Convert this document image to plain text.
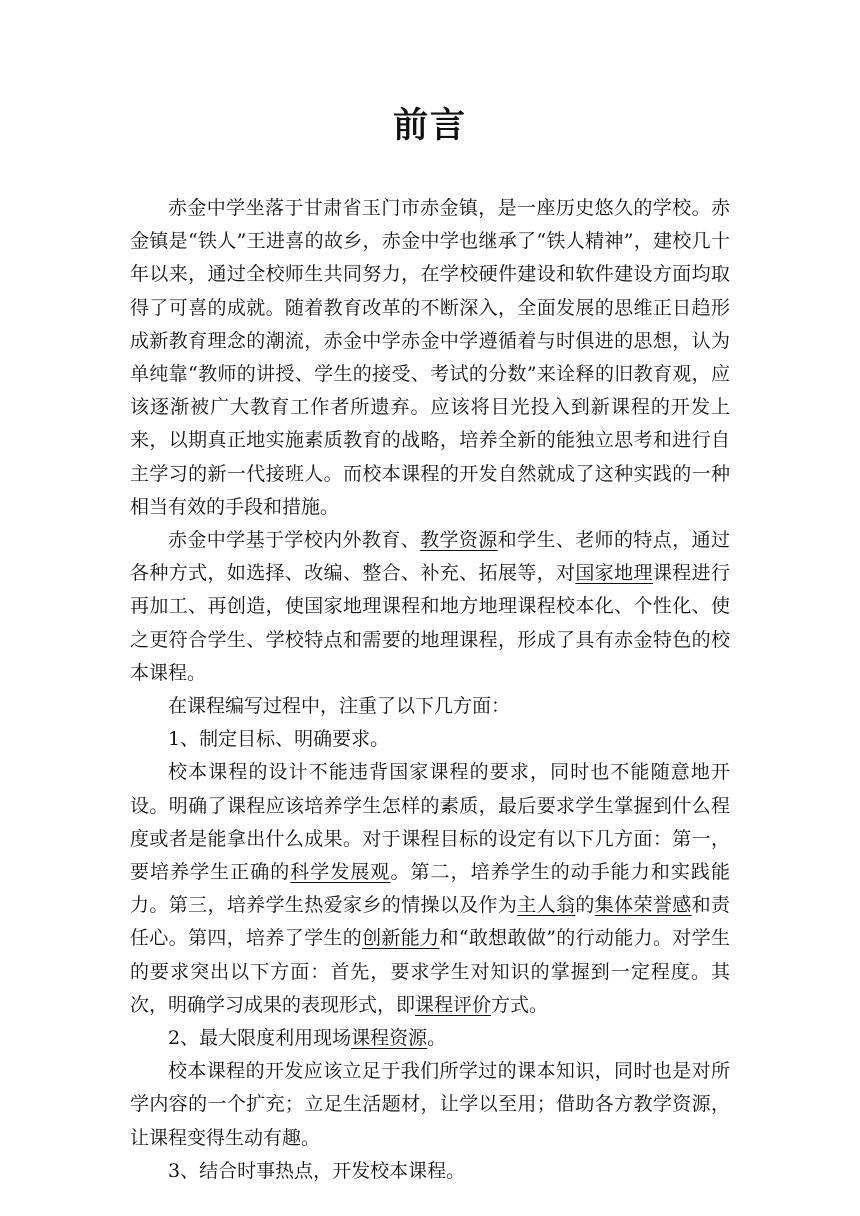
前言

赤金中学坐落于甘肃省玉门市赤金镇，是一座历史悠久的学校。赤金镇是“铁人”王进喜的故乡，赤金中学也继承了“铁人精神”，建校几十年以来，通过全校师生共同努力，在学校硬件建设和软件建设方面均取得了可喜的成就。随着教育改革的不断深入，全面发展的思维正日趋形成新教育理念的潮流，赤金中学赤金中学遵循着与时俱进的思想，认为单纯靠“教师的讲授、学生的接受、考试的分数”来诠释的旧教育观，应该逐渐被广大教育工作者所遗弃。应该将目光投入到新课程的开发上来，以期真正地实施素质教育的战略，培养全新的能独立思考和进行自主学习的新一代接班人。而校本课程的开发自然就成了这种实践的一种相当有效的手段和措施。

赤金中学基于学校内外教育、教学资源和学生、老师的特点，通过各种方式，如选择、改编、整合、补充、拓展等，对国家地理课程进行再加工、再创造，使国家地理课程和地方地理课程校本化、个性化、使之更符合学生、学校特点和需要的地理课程，形成了具有赤金特色的校本课程。

在课程编写过程中，注重了以下几方面：

1、制定目标、明确要求。

校本课程的设计不能违背国家课程的要求，同时也不能随意地开设。明确了课程应该培养学生怎样的素质，最后要求学生掌握到什么程度或者是能拿出什么成果。对于课程目标的设定有以下几方面：第一，要培养学生正确的科学发展观。第二，培养学生的动手能力和实践能力。第三，培养学生热爱家乡的情操以及作为主人翁的集体荣誉感和责任心。第四，培养了学生的创新能力和“敢想敢做”的行动能力。对学生的要求突出以下方面：首先，要求学生对知识的掌握到一定程度。其次，明确学习成果的表现形式，即课程评价方式。

2、最大限度利用现场课程资源。

校本课程的开发应该立足于我们所学过的课本知识，同时也是对所学内容的一个扩充；立足生活题材，让学以至用；借助各方教学资源，让课程变得生动有趣。

3、结合时事热点，开发校本课程。
